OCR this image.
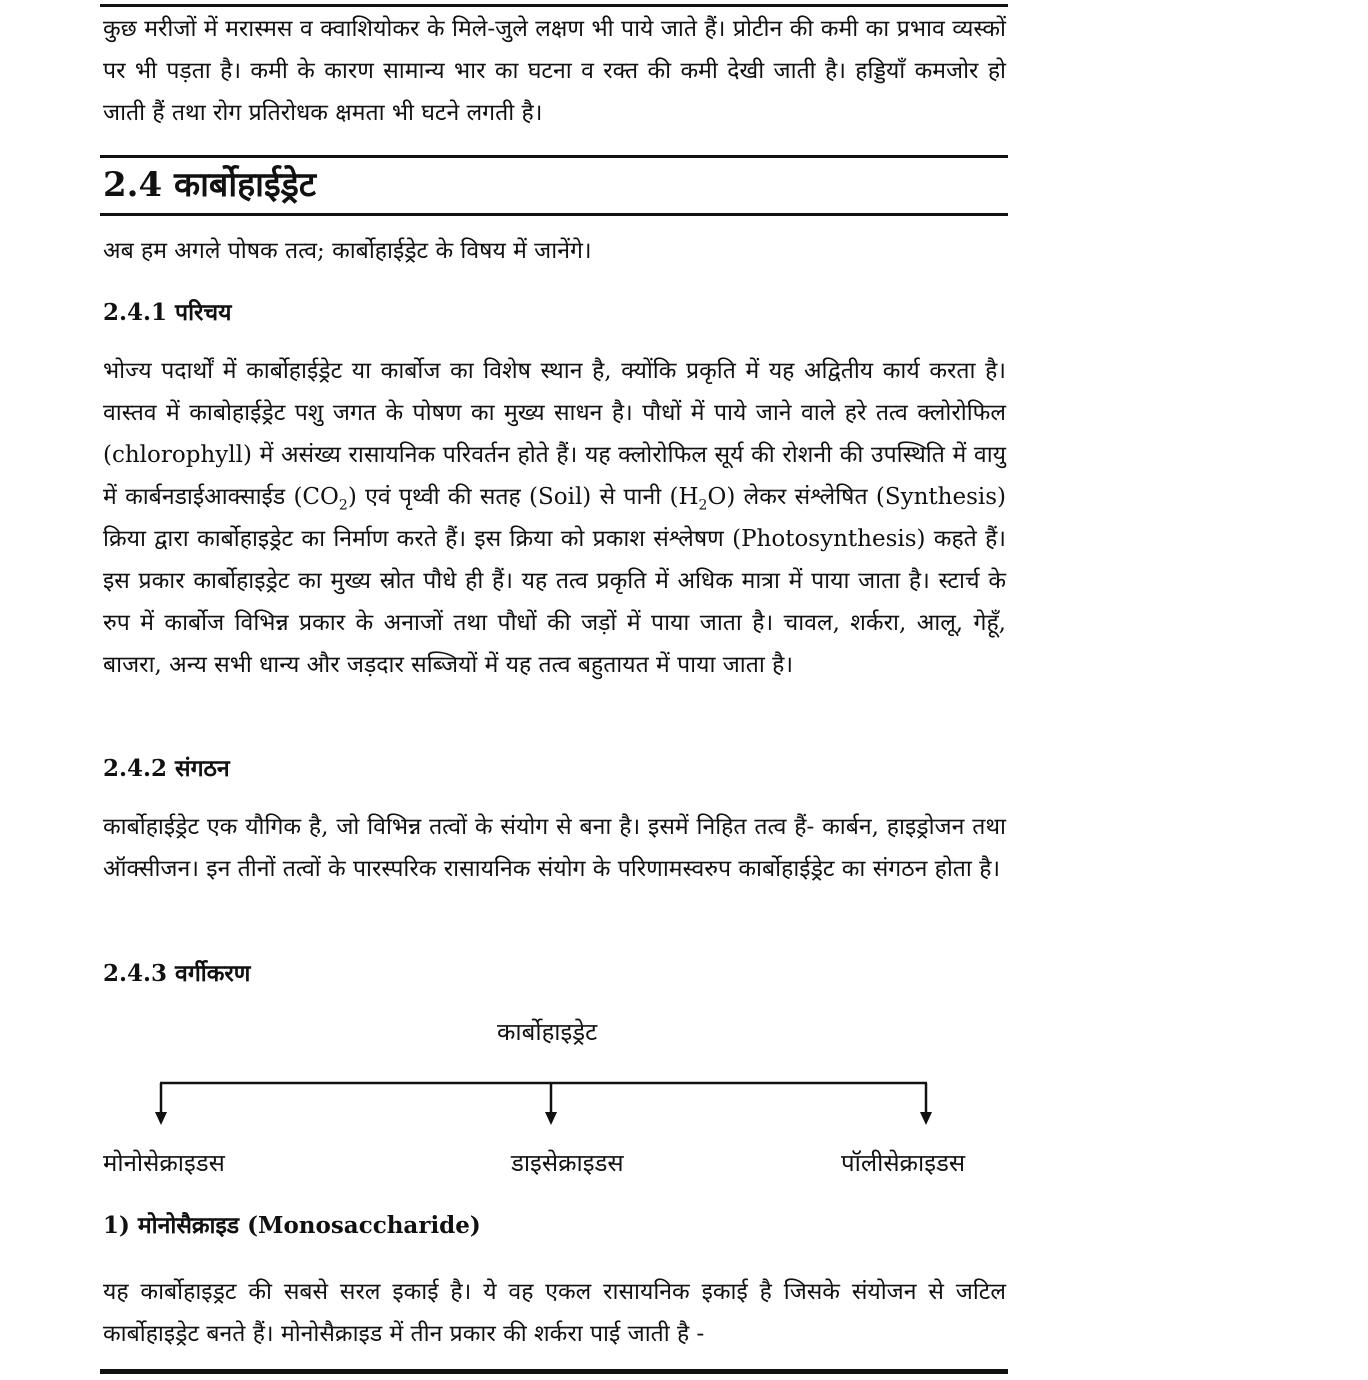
कुछ मरीजों में मरास्मस व क्वाशियोकर के मिले-जुले लक्षण भी पाये जाते हैं। प्रोटीन की कमी का प्रभाव व्यस्कों पर भी पड़ता है। कमी के कारण सामान्य भार का घटना व रक्त की कमी देखी जाती है। हड्डियाँ कमजोर हो जाती हैं तथा रोग प्रतिरोधक क्षमता भी घटने लगती है।

2.4 कार्बोहाईड्रेट

अब हम अगले पोषक तत्व; कार्बोहाईड्रेट के विषय में जानेंगे।

2.4.1 परिचय

भोज्य पदार्थों में कार्बोहाईड्रेट या कार्बोज का विशेष स्थान है, क्योंकि प्रकृति में यह अद्वितीय कार्य करता है। वास्तव में काबोहाईड्रेट पशु जगत के पोषण का मुख्य साधन है। पौधों में पाये जाने वाले हरे तत्व क्लोरोफिल (chlorophyll) में असंख्य रासायनिक परिवर्तन होते हैं। यह क्लोरोफिल सूर्य की रोशनी की उपस्थिति में वायु में कार्बनडाईआक्साईड $(CO_2)$ एवं पृथ्वी की सतह (Soil) से पानी $(H_2O)$ लेकर संश्लेषित (Synthesis) क्रिया द्वारा कार्बोहाइड्रेट का निर्माण करते हैं। इस क्रिया को प्रकाश संश्लेषण (Photosynthesis) कहते हैं। इस प्रकार कार्बोहाइड्रेट का मुख्य स्रोत पौधे ही हैं। यह तत्व प्रकृति में अधिक मात्रा में पाया जाता है। स्टार्च के रुप में कार्बोज विभिन्न प्रकार के अनाजों तथा पौधों की जड़ों में पाया जाता है। चावल, शर्करा, आलू, गेहूँ, बाजरा, अन्य सभी धान्य और जड़दार सब्जियों में यह तत्व बहुतायत में पाया जाता है।

2.4.2 संगठन

कार्बोहाईड्रेट एक यौगिक है, जो विभिन्न तत्वों के संयोग से बना है। इसमें निहित तत्व हैं- कार्बन, हाइड्रोजन तथा ऑक्सीजन। इन तीनों तत्वों के पारस्परिक रासायनिक संयोग के परिणामस्वरुप कार्बोहाईड्रेट का संगठन होता है।

2.4.3 वर्गीकरण
कार्बोहाइड्रेट
मोनोसेक्राइडस	डाइसेक्राइडस	पॉलीसेक्राइडस
1) मोनोसैक्राइड (Monosaccharide)

यह कार्बोहाइड्रट की सबसे सरल इकाई है। ये वह एकल रासायनिक इकाई है जिसके संयोजन से जटिल कार्बोहाइड्रेट बनते हैं। मोनोसैक्राइड में तीन प्रकार की शर्करा पाई जाती है -
